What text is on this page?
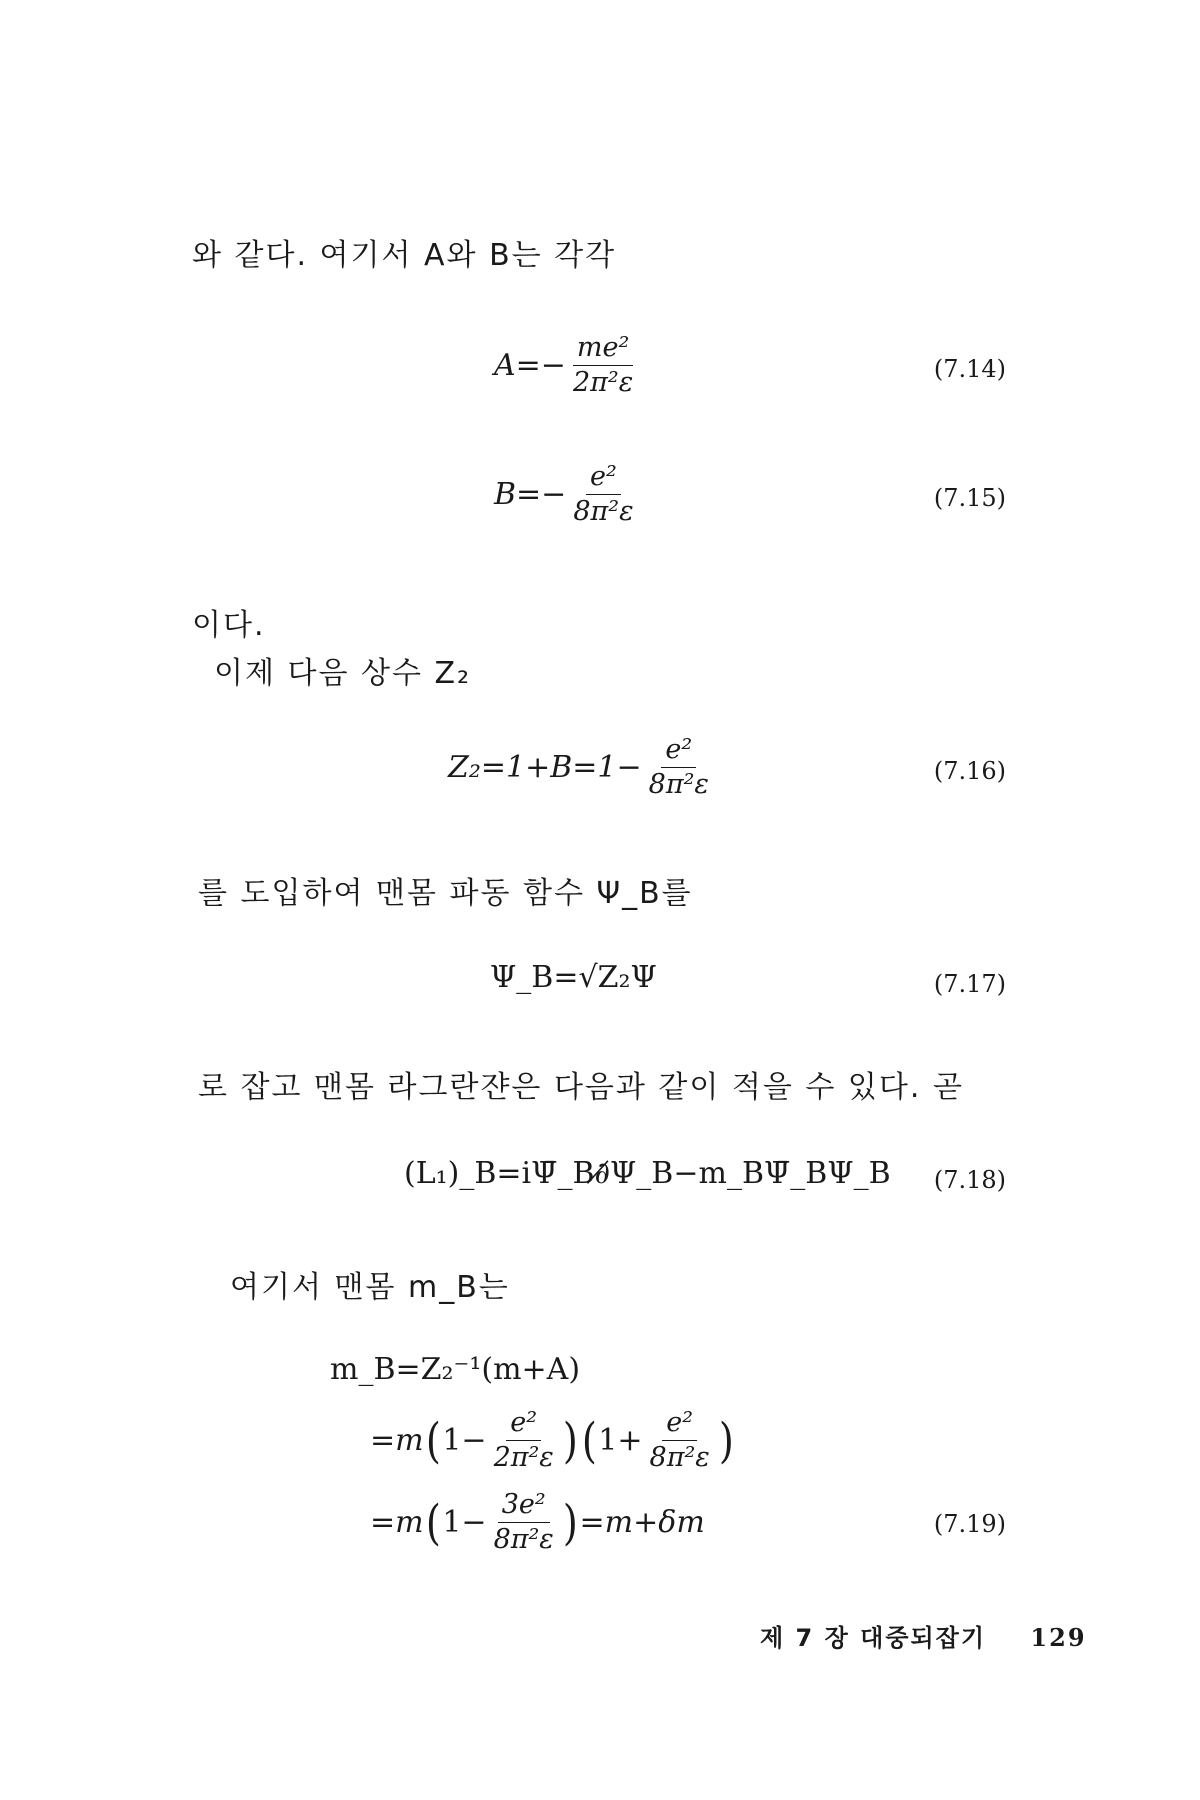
와 같다. 여기서 A와 B는 각각
$A=- \frac{\text{me²}}{\text{2π²ε}}$	(7.14)
$B=- \frac{\text{e²}}{\text{8π²ε}}$	(7.15)
이다.
이제 다음 상수 Z₂
$Z_2=1+B=1- \frac{\text{e²}}{\text{8π²ε}}$	(7.16)
를 도입하여 맨몸 파동 함수 Ψ_B를
Ψ_B=√Z₂Ψ	(7.17)
로 잡고 맨몸 라그란쟌은 다음과 같이 적을 수 있다. 곧
(L₁)_B=iΨ̄_B∂̸Ψ_B−m_BΨ̄_BΨ_B (7.18)
여기서 맨몸 m_B는
m_B=Z₂⁻¹(m+A)
=m ( $1- \frac{\text{e²}}{\text{2π²ε}}$ ) ( $1+ \frac{\text{e²}}{\text{8π²ε}}$ )
=m ( $1- \frac{\text{3e²}}{\text{8π²ε}}$ ) =m+δm	(7.19)
제 7 장 대중되잡기 129
